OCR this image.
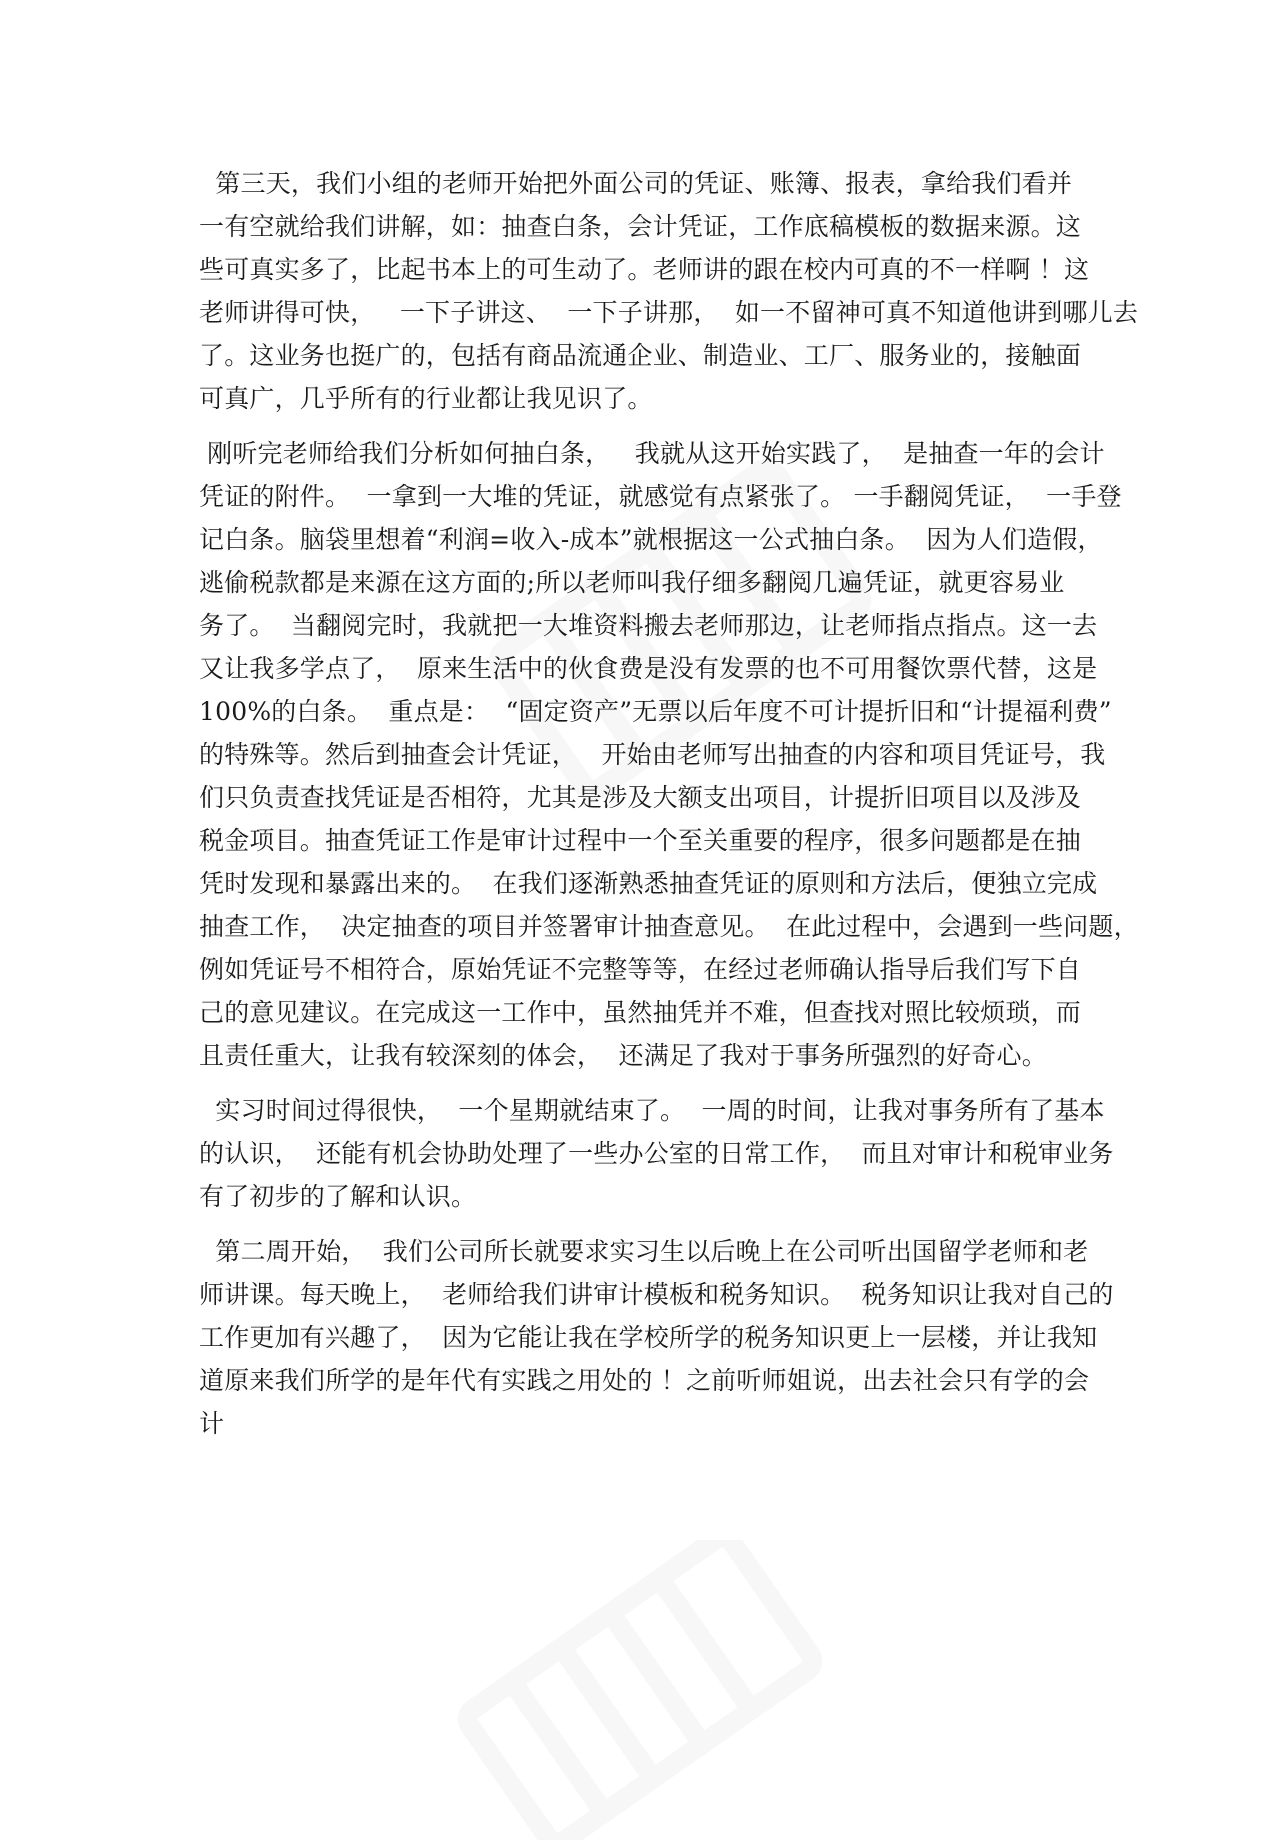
第三天，我们小组的老师开始把外面公司的凭证、账簿、报表，拿给我们看并
一有空就给我们讲解，如：抽查白条，会计凭证，工作底稿模板的数据来源。这
些可真实多了，比起书本上的可生动了。老师讲的跟在校内可真的不一样啊 ！这
老师讲得可快，   一下子讲这、  一下子讲那，  如一不留神可真不知道他讲到哪儿去
了。这业务也挺广的，包括有商品流通企业、制造业、工厂、服务业的，接触面
可真广，几乎所有的行业都让我见识了。
刚听完老师给我们分析如何抽白条，   我就从这开始实践了，  是抽查一年的会计
凭证的附件。  一拿到一大堆的凭证，就感觉有点紧张了。 一手翻阅凭证，  一手登
记白条。脑袋里想着“利润=收入-成本”就根据这一公式抽白条。  因为人们造假，
逃偷税款都是来源在这方面的;所以老师叫我仔细多翻阅几遍凭证，就更容易业
务了。  当翻阅完时，我就把一大堆资料搬去老师那边，让老师指点指点。这一去
又让我多学点了，  原来生活中的伙食费是没有发票的也不可用餐饮票代替，这是
100%的白条。  重点是：  “固定资产”无票以后年度不可计提折旧和“计提福利费”
的特殊等。然后到抽查会计凭证，   开始由老师写出抽查的内容和项目凭证号，我
们只负责查找凭证是否相符，尤其是涉及大额支出项目，计提折旧项目以及涉及
税金项目。抽查凭证工作是审计过程中一个至关重要的程序，很多问题都是在抽
凭时发现和暴露出来的。  在我们逐渐熟悉抽查凭证的原则和方法后，便独立完成
抽查工作，  决定抽查的项目并签署审计抽查意见。  在此过程中，会遇到一些问题，
例如凭证号不相符合，原始凭证不完整等等，在经过老师确认指导后我们写下自
己的意见建议。在完成这一工作中，虽然抽凭并不难，但查找对照比较烦琐，而
且责任重大，让我有较深刻的体会，  还满足了我对于事务所强烈的好奇心。
实习时间过得很快，  一个星期就结束了。  一周的时间，让我对事务所有了基本
的认识，  还能有机会协助处理了一些办公室的日常工作，  而且对审计和税审业务
有了初步的了解和认识。
第二周开始，  我们公司所长就要求实习生以后晚上在公司听出国留学老师和老
师讲课。每天晚上，  老师给我们讲审计模板和税务知识。  税务知识让我对自己的
工作更加有兴趣了，  因为它能让我在学校所学的税务知识更上一层楼，并让我知
道原来我们所学的是年代有实践之用处的 ！之前听师姐说，出去社会只有学的会
计
